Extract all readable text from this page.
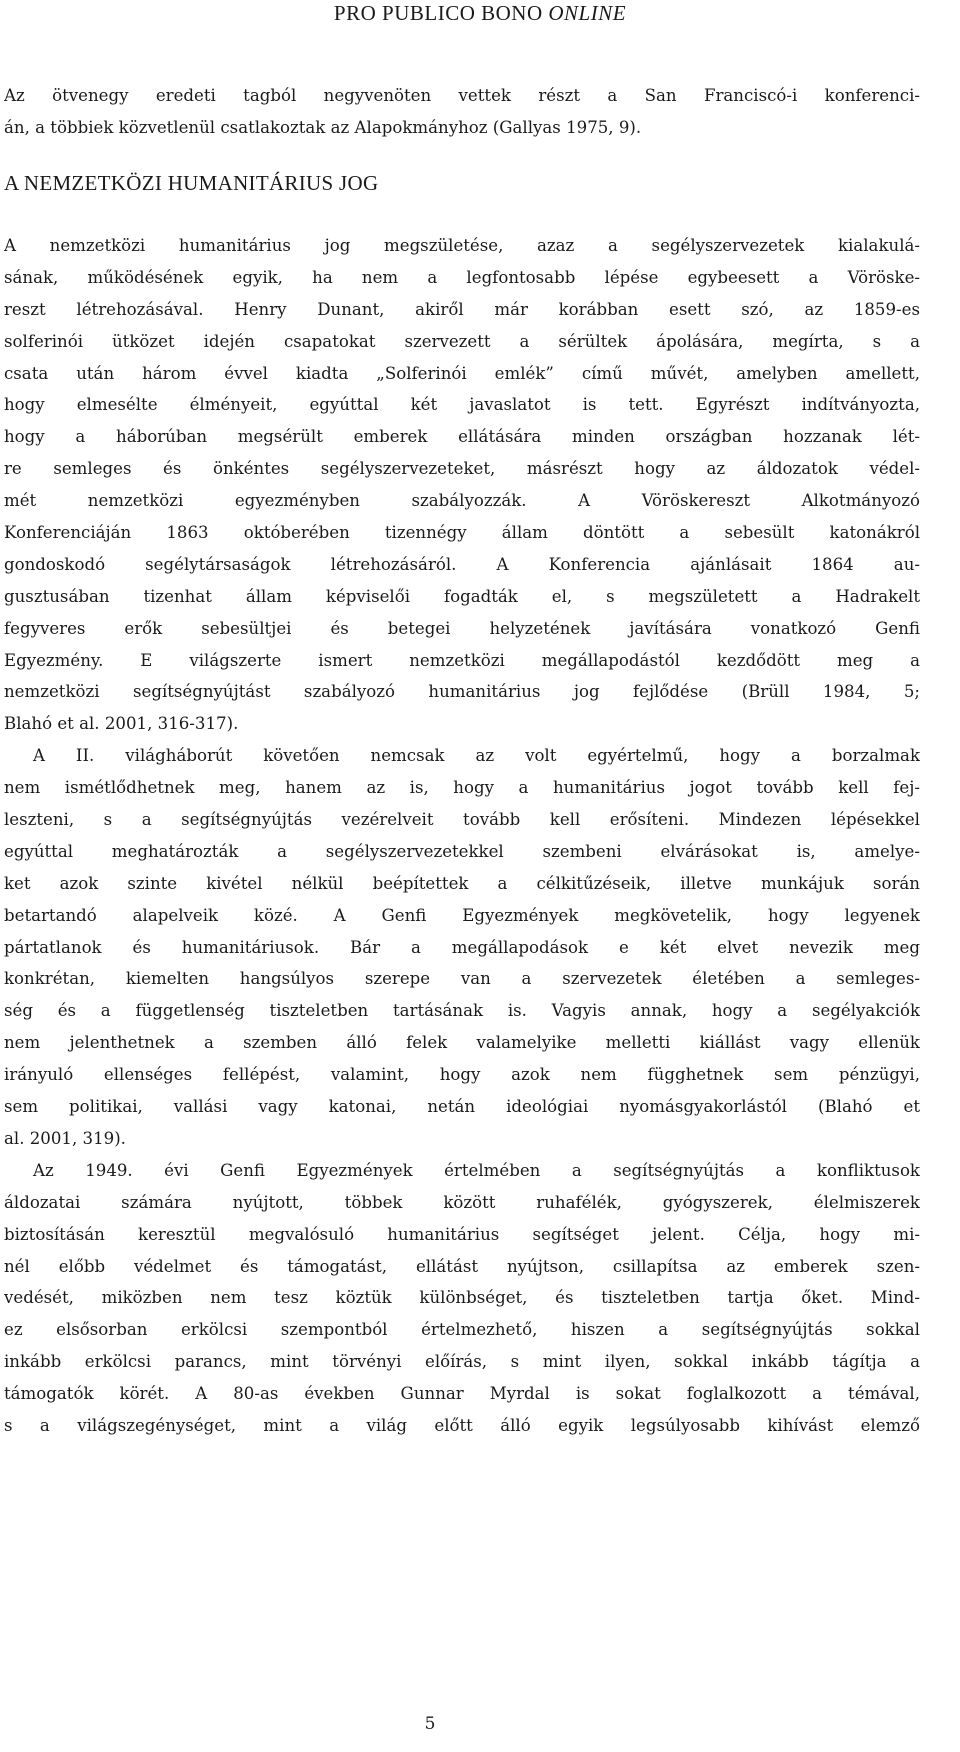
PRO PUBLICO BONO ONLINE
Az ötvenegy eredeti tagból negyvenöten vettek részt a San Franciscó-i konferenci-
án, a többiek közvetlenül csatlakoztak az Alapokmányhoz (Gallyas 1975, 9).
A NEMZETKÖZI HUMANITÁRIUS JOG
A nemzetközi humanitárius jog megszületése, azaz a segélyszervezetek kialakulá-
sának, működésének egyik, ha nem a legfontosabb lépése egybeesett a Vöröske-
reszt létrehozásával. Henry Dunant, akiről már korábban esett szó, az 1859-es
solferinói ütközet idején csapatokat szervezett a sérültek ápolására, megírta, s a
csata után három évvel kiadta „Solferinói emlék” című művét, amelyben amellett,
hogy elmesélte élményeit, egyúttal két javaslatot is tett. Egyrészt indítványozta,
hogy a háborúban megsérült emberek ellátására minden országban hozzanak lét-
re semleges és önkéntes segélyszervezeteket, másrészt hogy az áldozatok védel-
mét nemzetközi egyezményben szabályozzák. A Vöröskereszt Alkotmányozó
Konferenciáján 1863 októberében tizennégy állam döntött a sebesült katonákról
gondoskodó segélytársaságok létrehozásáról. A Konferencia ajánlásait 1864 au-
gusztusában tizenhat állam képviselői fogadták el, s megszületett a Hadrakelt
fegyveres erők sebesültjei és betegei helyzetének javítására vonatkozó Genfi
Egyezmény. E világszerte ismert nemzetközi megállapodástól kezdődött meg a
nemzetközi segítségnyújtást szabályozó humanitárius jog fejlődése (Brüll 1984, 5;
Blahó et al. 2001, 316-317).
A II. világháborút követően nemcsak az volt egyértelmű, hogy a borzalmak
nem ismétlődhetnek meg, hanem az is, hogy a humanitárius jogot tovább kell fej-
leszteni, s a segítségnyújtás vezérelveit tovább kell erősíteni. Mindezen lépésekkel
egyúttal meghatározták a segélyszervezetekkel szembeni elvárásokat is, amelye-
ket azok szinte kivétel nélkül beépítettek a célkitűzéseik, illetve munkájuk során
betartandó alapelveik közé. A Genfi Egyezmények megkövetelik, hogy legyenek
pártatlanok és humanitáriusok. Bár a megállapodások e két elvet nevezik meg
konkrétan, kiemelten hangsúlyos szerepe van a szervezetek életében a semleges-
ség és a függetlenség tiszteletben tartásának is. Vagyis annak, hogy a segélyakciók
nem jelenthetnek a szemben álló felek valamelyike melletti kiállást vagy ellenük
irányuló ellenséges fellépést, valamint, hogy azok nem függhetnek sem pénzügyi,
sem politikai, vallási vagy katonai, netán ideológiai nyomásgyakorlástól (Blahó et
al. 2001, 319).
Az 1949. évi Genfi Egyezmények értelmében a segítségnyújtás a konfliktusok
áldozatai számára nyújtott, többek között ruhafélék, gyógyszerek, élelmiszerek
biztosításán keresztül megvalósuló humanitárius segítséget jelent. Célja, hogy mi-
nél előbb védelmet és támogatást, ellátást nyújtson, csillapítsa az emberek szen-
vedését, miközben nem tesz köztük különbséget, és tiszteletben tartja őket. Mind-
ez elsősorban erkölcsi szempontból értelmezhető, hiszen a segítségnyújtás sokkal
inkább erkölcsi parancs, mint törvényi előírás, s mint ilyen, sokkal inkább tágítja a
támogatók körét. A 80-as években Gunnar Myrdal is sokat foglalkozott a témával,
s a világszegénységet, mint a világ előtt álló egyik legsúlyosabb kihívást elemző
5
